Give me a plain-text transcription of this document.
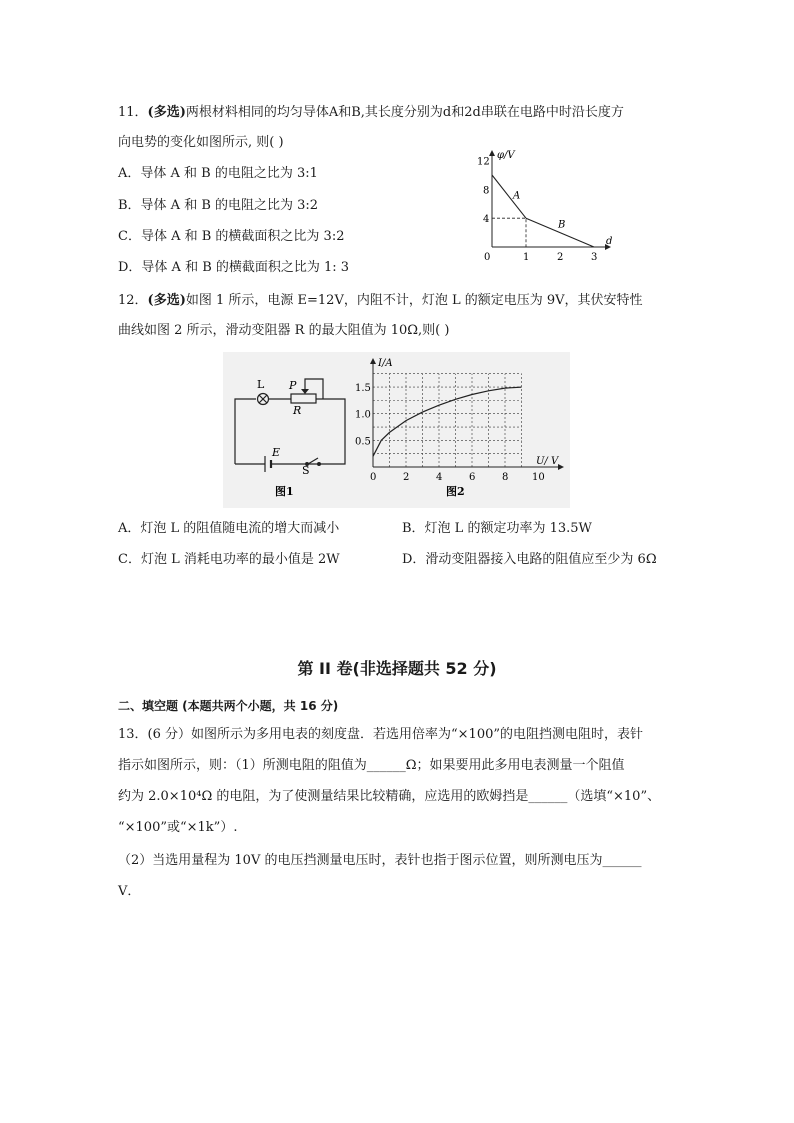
11．(多选)两根材料相同的均匀导体A和B,其长度分别为d和2d串联在电路中时沿长度方
向电势的变化如图所示, 则( )
A．导体 A 和 B 的电阻之比为 3:1
B．导体 A 和 B 的电阻之比为 3:2
C．导体 A 和 B 的横截面积之比为 3:2
D．导体 A 和 B 的横截面积之比为 1: 3
φ/V
d
0	1	2	3
4
8
12
A
B
12．(多选)如图 1 所示，电源 E=12V，内阻不计，灯泡 L 的额定电压为 9V，其伏安特性
曲线如图 2 所示，滑动变阻器 R 的最大阻值为 10Ω,则( )
L P
R
E
S
图1
I/A
U/ V
0	2	4	6	8 10
0.5
1.0
1.5
图2
A．灯泡 L 的阻值随电流的增大而减小	B．灯泡 L 的额定功率为 13.5W
C．灯泡 L 消耗电功率的最小值是 2W	D．滑动变阻器接入电路的阻值应至少为 6Ω
第 II 卷(非选择题共 52 分)
二、填空题 (本题共两个小题，共 16 分)
13．(6 分）如图所示为多用电表的刻度盘．若选用倍率为“×100”的电阻挡测电阻时，表针
指示如图所示，则：（1）所测电阻的阻值为______Ω；如果要用此多用电表测量一个阻值
约为 2.0×10⁴Ω 的电阻，为了使测量结果比较精确，应选用的欧姆挡是______（选填“×10”、
“×100”或“×1k”）.
（2）当选用量程为 10V 的电压挡测量电压时，表针也指于图示位置，则所测电压为______
V．
